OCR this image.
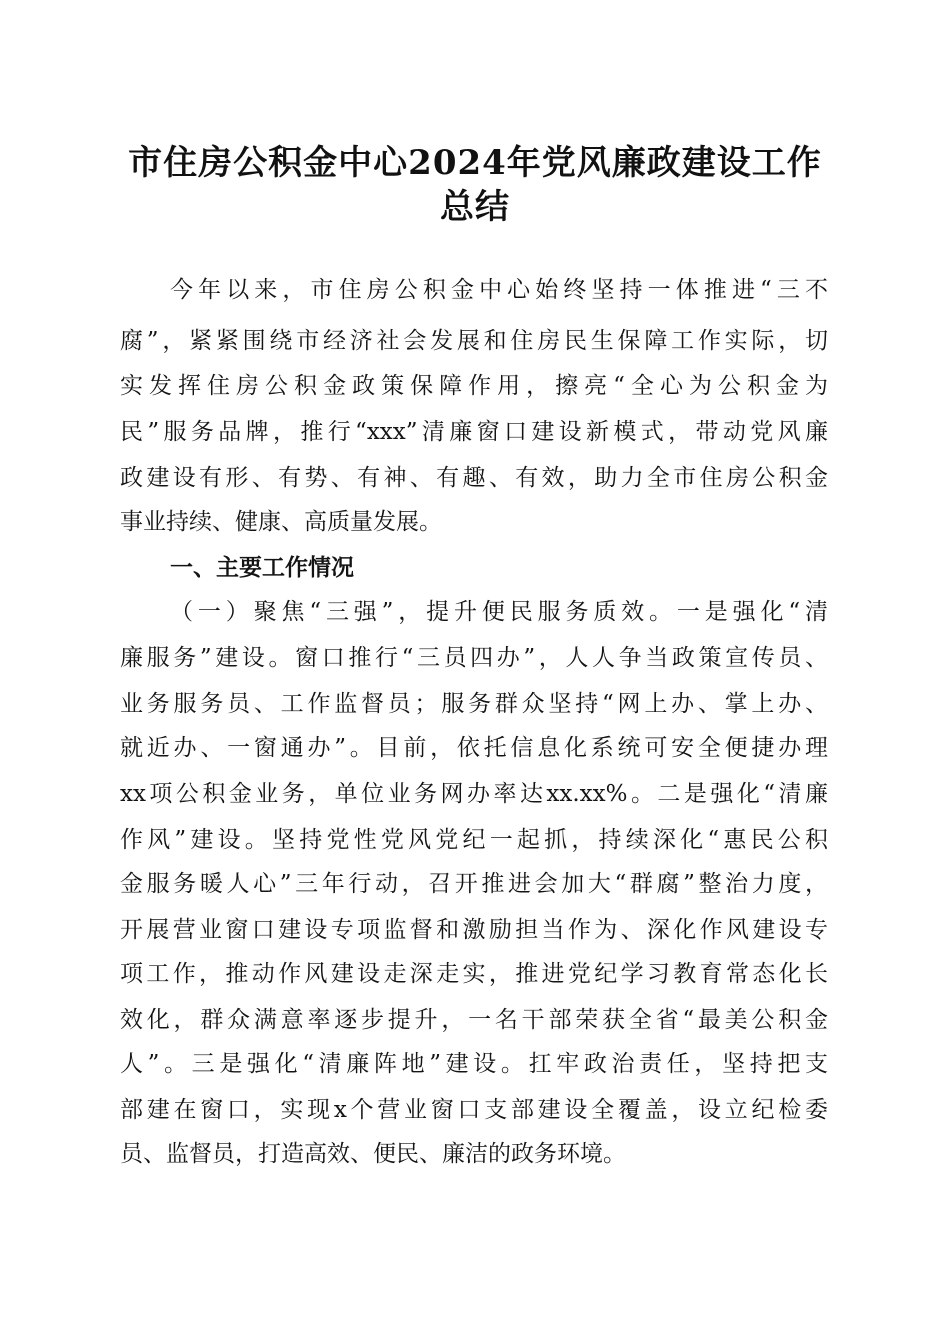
市住房公积金中心2024年党风廉政建设工作
总结
今年以来，市住房公积金中心始终坚持一体推进“三不
腐”，紧紧围绕市经济社会发展和住房民生保障工作实际，切
实发挥住房公积金政策保障作用，擦亮“全心为公积金为
民”服务品牌，推行“xxx”清廉窗口建设新模式，带动党风廉
政建设有形、有势、有神、有趣、有效，助力全市住房公积金
事业持续、健康、高质量发展。
一、主要工作情况
（一）聚焦“三强”，提升便民服务质效。一是强化“清
廉服务”建设。窗口推行“三员四办”，人人争当政策宣传员、
业务服务员、工作监督员；服务群众坚持“网上办、掌上办、
就近办、一窗通办”。目前，依托信息化系统可安全便捷办理
xx项公积金业务，单位业务网办率达xx.xx%。二是强化“清廉
作风”建设。坚持党性党风党纪一起抓，持续深化“惠民公积
金服务暖人心”三年行动，召开推进会加大“群腐”整治力度，
开展营业窗口建设专项监督和激励担当作为、深化作风建设专
项工作，推动作风建设走深走实，推进党纪学习教育常态化长
效化，群众满意率逐步提升，一名干部荣获全省“最美公积金
人”。三是强化“清廉阵地”建设。扛牢政治责任，坚持把支
部建在窗口，实现x个营业窗口支部建设全覆盖，设立纪检委
员、监督员，打造高效、便民、廉洁的政务环境。
